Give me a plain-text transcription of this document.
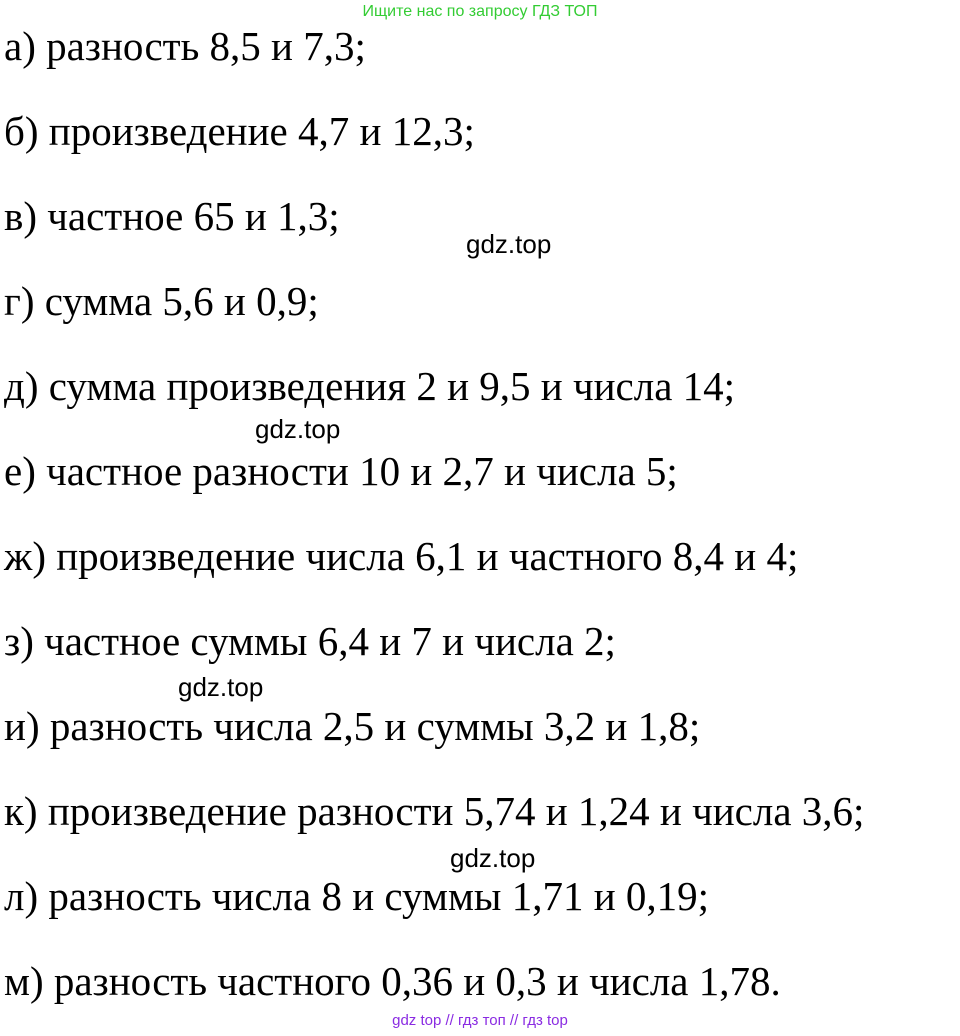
Ищите нас по запросу ГДЗ ТОП
а) разность 8,5 и 7,3;
б) произведение 4,7 и 12,3;
в) частное 65 и 1,3;
г) сумма 5,6 и 0,9;
д) сумма произведения 2 и 9,5 и числа 14;
е) частное разности 10 и 2,7 и числа 5;
ж) произведение числа 6,1 и частного 8,4 и 4;
з) частное суммы 6,4 и 7 и числа 2;
и) разность числа 2,5 и суммы 3,2 и 1,8;
к) произведение разности 5,74 и 1,24 и числа 3,6;
л) разность числа 8 и суммы 1,71 и 0,19;
м) разность частного 0,36 и 0,3 и числа 1,78.
gdz.top
gdz.top
gdz.top
gdz.top
gdz top // гдз топ // гдз top
